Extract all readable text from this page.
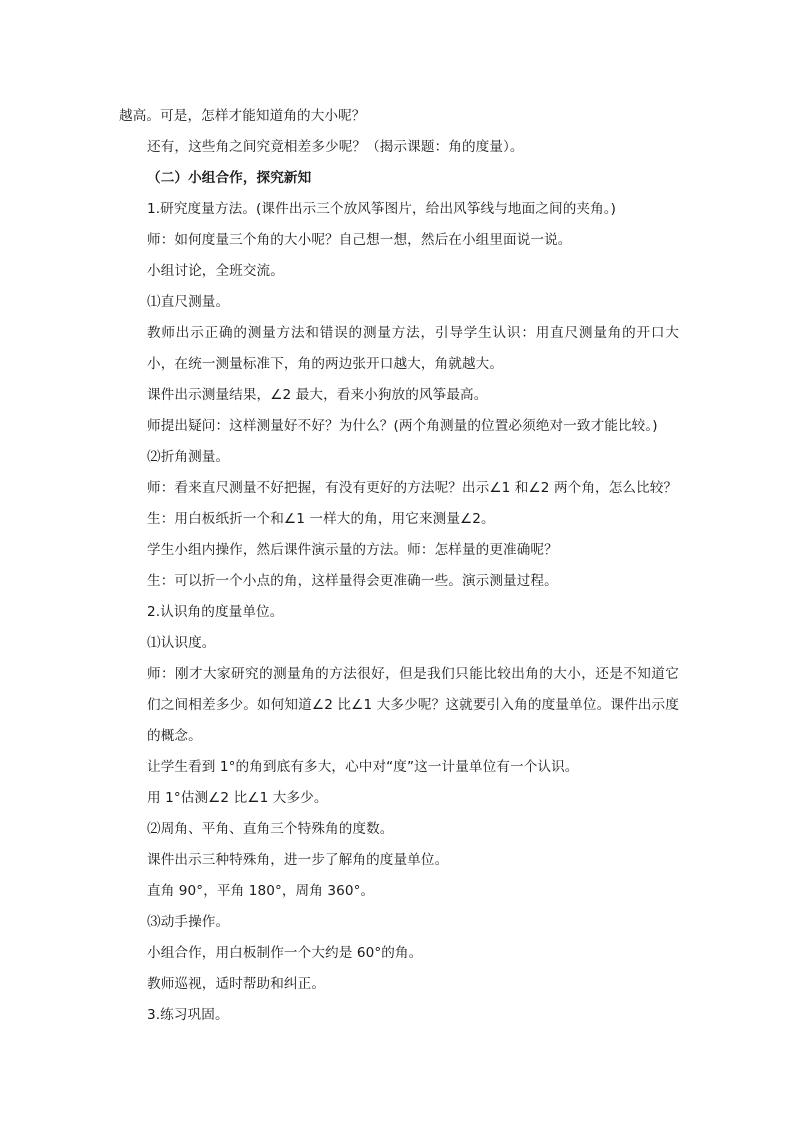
越高。可是，怎样才能知道角的大小呢？

还有，这些角之间究竟相差多少呢？（揭示课题：角的度量）。

（二）小组合作，探究新知

1.研究度量方法。(课件出示三个放风筝图片，给出风筝线与地面之间的夹角。)

师：如何度量三个角的大小呢？自己想一想，然后在小组里面说一说。

小组讨论，全班交流。

⑴直尺测量。

教师出示正确的测量方法和错误的测量方法，引导学生认识：用直尺测量角的开口大小，在统一测量标准下，角的两边张开口越大，角就越大。

课件出示测量结果，∠2 最大，看来小狗放的风筝最高。

师提出疑问：这样测量好不好？为什么？(两个角测量的位置必须绝对一致才能比较。)

⑵折角测量。

师：看来直尺测量不好把握，有没有更好的方法呢？出示∠1 和∠2 两个角，怎么比较？

生：用白板纸折一个和∠1 一样大的角，用它来测量∠2。

学生小组内操作，然后课件演示量的方法。师：怎样量的更准确呢？

生：可以折一个小点的角，这样量得会更准确一些。演示测量过程。

2.认识角的度量单位。

⑴认识度。

师：刚才大家研究的测量角的方法很好，但是我们只能比较出角的大小，还是不知道它们之间相差多少。如何知道∠2 比∠1 大多少呢？这就要引入角的度量单位。课件出示度的概念。

让学生看到 1°的角到底有多大，心中对“度”这一计量单位有一个认识。

用 1°估测∠2 比∠1 大多少。

⑵周角、平角、直角三个特殊角的度数。

课件出示三种特殊角，进一步了解角的度量单位。

直角 90°，平角 180°，周角 360°。

⑶动手操作。

小组合作，用白板制作一个大约是 60°的角。

教师巡视，适时帮助和纠正。

3.练习巩固。
